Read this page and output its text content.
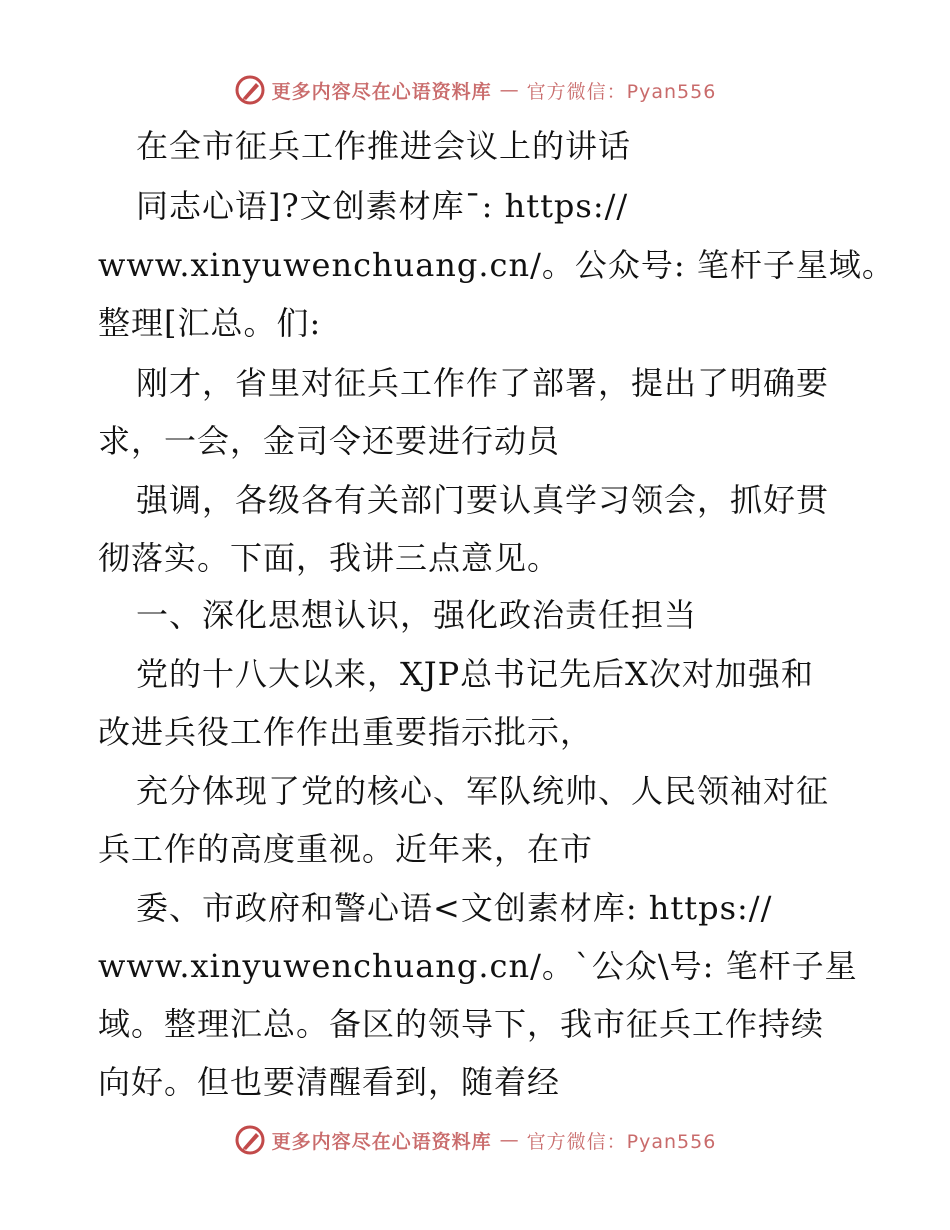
更多内容尽在心语资料库 — 官方微信：Pyan556
在全市征兵工作推进会议上的讲话
同志心语]?文创素材库¯: https://
www.xinyuwenchuang.cn/。公众号: 笔杆子星域。
整理[汇总。们:
刚才，省里对征兵工作作了部署，提出了明确要
求，一会，金司令还要进行动员
强调，各级各有关部门要认真学习领会，抓好贯
彻落实。下面，我讲三点意见。
一、深化思想认识，强化政治责任担当
党的十八大以来，XJP总书记先后X次对加强和
改进兵役工作作出重要指示批示，
充分体现了党的核心、军队统帅、人民领袖对征
兵工作的高度重视。近年来，在市
委、市政府和警心语<文创素材库: https://
www.xinyuwenchuang.cn/。`公众\号: 笔杆子星
域。整理汇总。备区的领导下，我市征兵工作持续
向好。但也要清醒看到，随着经
更多内容尽在心语资料库 — 官方微信：Pyan556
